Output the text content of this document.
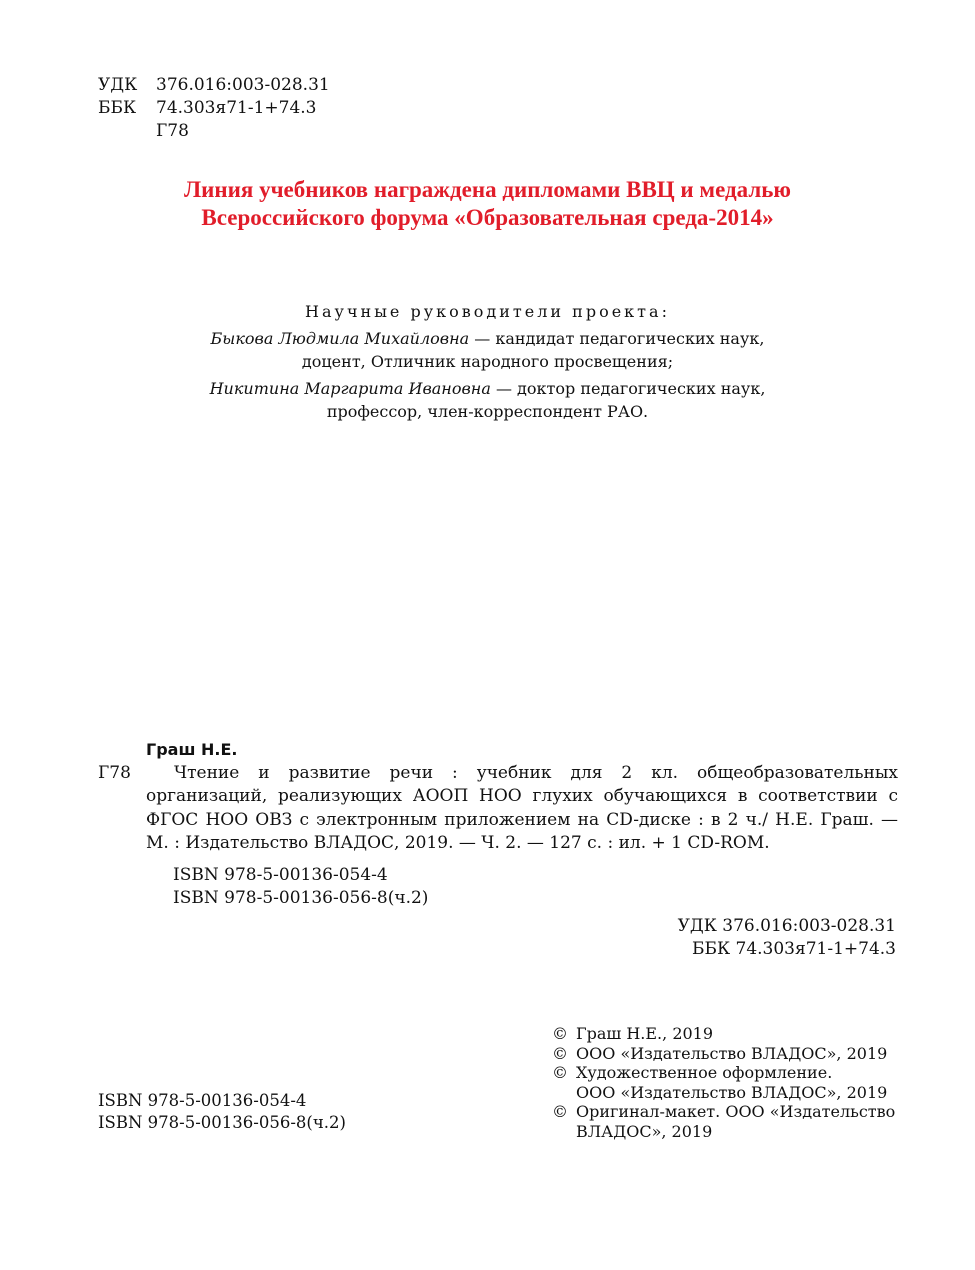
УДК 376.016:003-028.31
ББК 74.303я71-1+74.3
Г78
Линия учебников награждена дипломами ВВЦ и медалью
Всероссийского форума «Образовательная среда-2014»
Научные руководители проекта:
Быкова Людмила Михайловна — кандидат педагогических наук,
доцент, Отличник народного просвещения;
Никитина Маргарита Ивановна — доктор педагогических наук,
профессор, член-корреспондент РАО.
Граш Н.Е.
Г78	Чтение и развитие речи : учебник для 2 кл. общеобразовательных организаций, реализующих АООП НОО глухих обучающихся в соответствии с ФГОС НОО ОВЗ с электронным приложением на CD-диске : в 2 ч./ Н.Е. Граш. — М. : Издательство ВЛАДОС, 2019. — Ч. 2. — 127 с. : ил. + 1 CD-ROM.
ISBN 978-5-00136-054-4
ISBN 978-5-00136-056-8(ч.2)
УДК 376.016:003-028.31
ББК 74.303я71-1+74.3
© Граш Н.Е., 2019
© ООО «Издательство ВЛАДОС», 2019
© Художественное оформление.
ООО «Издательство ВЛАДОС», 2019
© Оригинал-макет. ООО «Издательство
ВЛАДОС», 2019
ISBN 978-5-00136-054-4
ISBN 978-5-00136-056-8(ч.2)
